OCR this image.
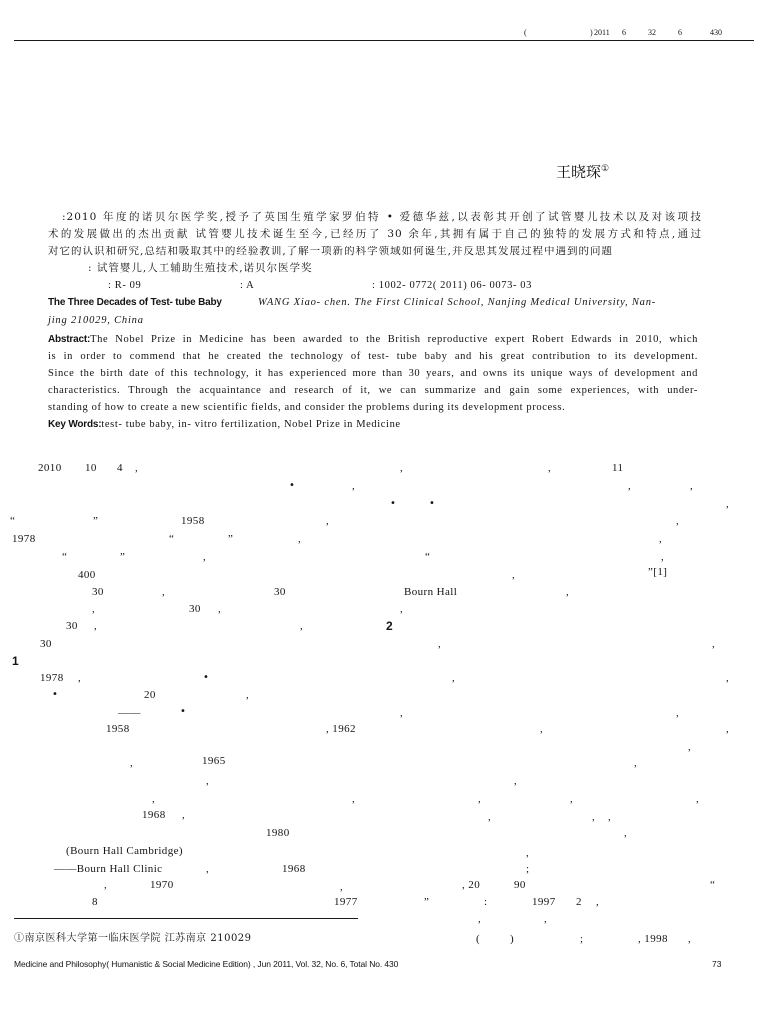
(	) 2011 6	32	6	430
王晓琛①
:2010 年度的诺贝尔医学奖,授予了英国生殖学家罗伯特 • 爱德华兹,以表彰其开创了试管婴儿技术以及对该项技
术的发展做出的杰出贡献 试管婴儿技术诞生至今,已经历了 30 余年,其拥有属于自己的独特的发展方式和特点,通过
对它的认识和研究,总结和吸取其中的经验教训,了解一项新的科学领域如何诞生,并反思其发展过程中遇到的问题
: 试管婴儿,人工辅助生殖技术,诺贝尔医学奖
: R- 09	: A	: 1002- 0772( 2011) 06- 0073- 03
The Three Decades of Test- tube Baby	WANG Xiao- chen. The First Clinical School, Nanjing Medical University, Nan-
jing 210029, China
Abstract:The Nobel Prize in Medicine has been awarded to the British reproductive expert Robert Edwards in 2010, which
is in order to commend that he created the technology of test- tube baby and his great contribution to its development.
Since the birth date of this technology, it has experienced more than 30 years, and owns its unique ways of development and
characteristics. Through the acquaintance and research of it, we can summarize and gain some experiences, with under-
standing of how to create a new scientific fields, and consider the problems during its development process.
Key Words:test- tube baby, in- vitro fertilization, Nobel Prize in Medicine
2010 10 4 ,	,	,	11
•	,	,	,
•	•	,
“	”	1958	,	,
1978	“	”	,	,
“	”	,	“	,
400	,	”[1]
30	,	30	Bourn Hall	,
,	30 ,	,
30 ,	,	2
30	,	,
1
1978 ,	•	,	,
•	20	,
——	•	,	,
1958	, 1962	,	,
,
,	1965	,
,	,
,	,	,	,	,
1968 ,	,	, ,
1980	,
(Bourn Hall Cambridge)	,
——Bourn Hall Clinic	,	1968	;
,	1970	,	, 20	90	“
8	1977	”	:	1997 2 ,
,	,
①南京医科大学第一临床医学院 江苏南京 210029	(	)	;	, 1998 ,
Medicine and Philosophy( Humanistic & Social Medicine Edition) , Jun 2011, Vol. 32, No. 6, Total No. 430	73
